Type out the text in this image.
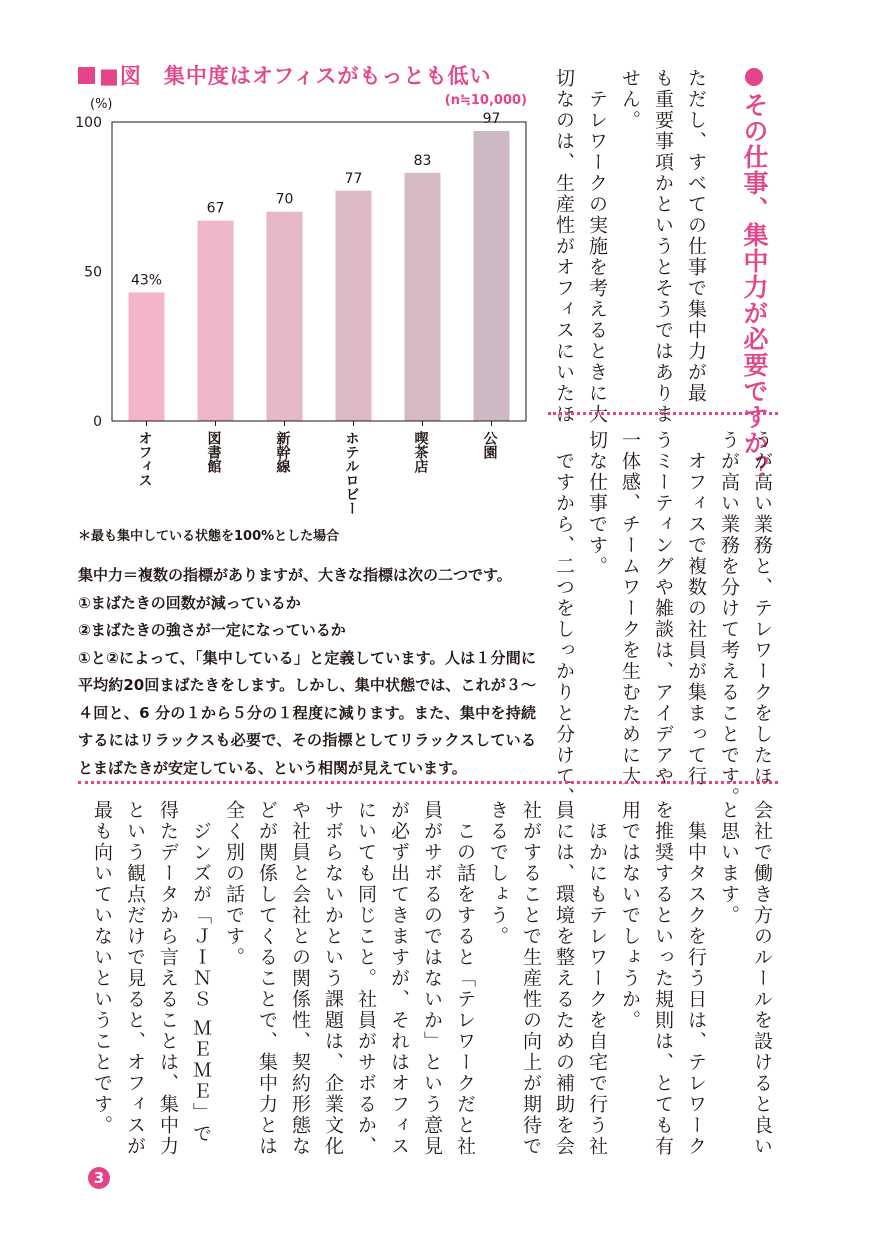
■図 集中度はオフィスがもっとも低い
(%)	(n≒10,000)
0
50
100
43%
67
70
77
83
97
オフィス	図書館	新幹線	ホテルロビー	喫茶店	公園
＊最も集中している状態を100%とした場合

集中力＝複数の指標がありますが、大きな指標は次の二つです。

①まばたきの回数が減っているか

②まばたきの強さが一定になっているか

①と②によって、「集中している」と定義しています。人は１分間に平均約20回まばたきをします。しかし、集中状態では、これが３～４回と、6 分の１から５分の１程度に減ります。また、集中を持続するにはリラックスも必要で、その指標としてリラックスしているとまばたきが安定している、という相関が見えています。

その仕事、集中力が必要ですか？

ただし、すべての仕事で集中力が最

も重要事項かというとそうではありま

せん。

　テレワークの実施を考えるときに大

切なのは、生産性がオフィスにいたほ

うが高い業務と、テレワークをしたほ

うが高い業務を分けて考えることです。

　オフィスで複数の社員が集まって行

うミーティングや雑談は、アイデアや

一体感、チームワークを生むために大

切な仕事です。

　ですから、二つをしっかりと分けて、

会社で働き方のルールを設けると良い

と思います。

　集中タスクを行う日は、テレワーク

を推奨するといった規則は、とても有

用ではないでしょうか。

　ほかにもテレワークを自宅で行う社

員には、環境を整えるための補助を会

社がすることで生産性の向上が期待で

きるでしょう。

　この話をすると「テレワークだと社

員がサボるのではないか」という意見

が必ず出てきますが、それはオフィス

にいても同じこと。社員がサボるか、

サボらないかという課題は、企業文化

や社員と会社との関係性、契約形態な

どが関係してくることで、集中力とは

全く別の話です。

　ジンズが「ＪＩＮＳ ＭＥＭＥ」で

得たデータから言えることは、集中力

という観点だけで見ると、オフィスが

最も向いていないということです。

3
